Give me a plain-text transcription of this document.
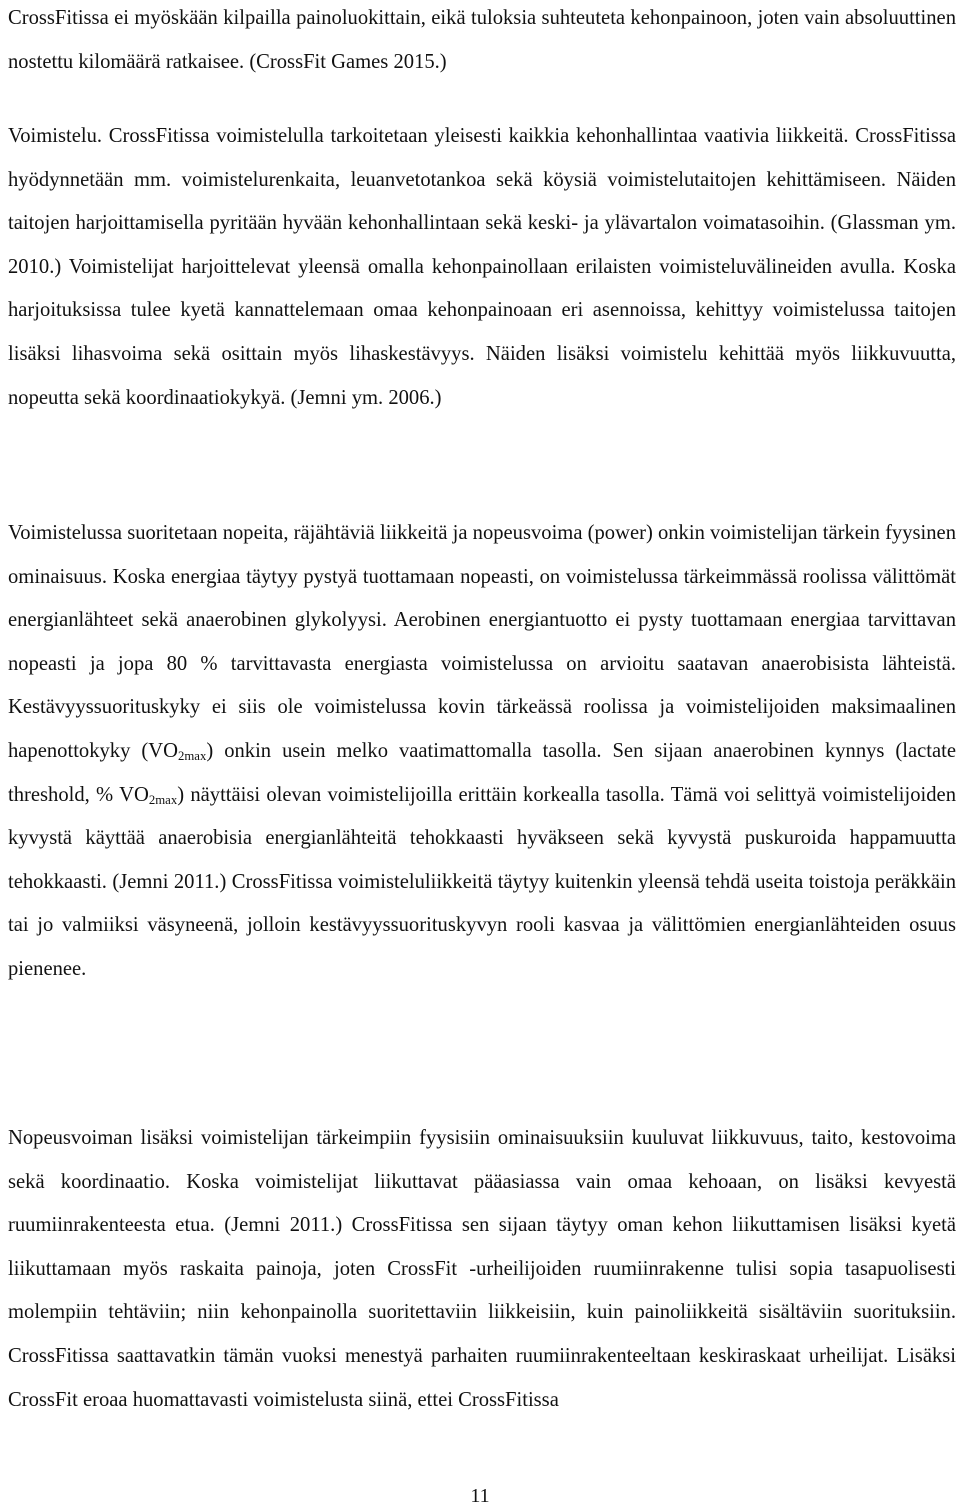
CrossFitissa ei myöskään kilpailla painoluokittain, eikä tuloksia suhteuteta kehonpainoon, joten vain absoluuttinen nostettu kilomäärä ratkaisee. (CrossFit Games 2015.)

Voimistelu. CrossFitissa voimistelulla tarkoitetaan yleisesti kaikkia kehonhallintaa vaativia liikkeitä. CrossFitissa hyödynnetään mm. voimistelurenkaita, leuanvetotankoa sekä köysiä voimistelutaitojen kehittämiseen. Näiden taitojen harjoittamisella pyritään hyvään kehonhallintaan sekä keski- ja ylävartalon voimatasoihin. (Glassman ym. 2010.) Voimistelijat harjoittelevat yleensä omalla kehonpainollaan erilaisten voimisteluvälineiden avulla. Koska harjoituksissa tulee kyetä kannattelemaan omaa kehonpainoaan eri asennoissa, kehittyy voimistelussa taitojen lisäksi lihasvoima sekä osittain myös lihaskestävyys. Näiden lisäksi voimistelu kehittää myös liikkuvuutta, nopeutta sekä koordinaatiokykyä. (Jemni ym. 2006.)

Voimistelussa suoritetaan nopeita, räjähtäviä liikkeitä ja nopeusvoima (power) onkin voimistelijan tärkein fyysinen ominaisuus. Koska energiaa täytyy pystyä tuottamaan nopeasti, on voimistelussa tärkeimmässä roolissa välittömät energianlähteet sekä anaerobinen glykolyysi. Aerobinen energiantuotto ei pysty tuottamaan energiaa tarvittavan nopeasti ja jopa 80 % tarvittavasta energiasta voimistelussa on arvioitu saatavan anaerobisista lähteistä. Kestävyyssuorituskyky ei siis ole voimistelussa kovin tärkeässä roolissa ja voimistelijoiden maksimaalinen hapenottokyky $(VO_{2max})$ onkin usein melko vaatimattomalla tasolla. Sen sijaan anaerobinen kynnys (lactate threshold, % $VO_{2max}$) näyttäisi olevan voimistelijoilla erittäin korkealla tasolla. Tämä voi selittyä voimistelijoiden kyvystä käyttää anaerobisia energianlähteitä tehokkaasti hyväkseen sekä kyvystä puskuroida happamuutta tehokkaasti. (Jemni 2011.) CrossFitissa voimisteluliikkeitä täytyy kuitenkin yleensä tehdä useita toistoja peräkkäin tai jo valmiiksi väsyneenä, jolloin kestävyyssuorituskyvyn rooli kasvaa ja välittömien energianlähteiden osuus pienenee.

Nopeusvoiman lisäksi voimistelijan tärkeimpiin fyysisiin ominaisuuksiin kuuluvat liikkuvuus, taito, kestovoima sekä koordinaatio. Koska voimistelijat liikuttavat pääasiassa vain omaa kehoaan, on lisäksi kevyestä ruumiinrakenteesta etua. (Jemni 2011.) CrossFitissa sen sijaan täytyy oman kehon liikuttamisen lisäksi kyetä liikuttamaan myös raskaita painoja, joten CrossFit -urheilijoiden ruumiinrakenne tulisi sopia tasapuolisesti molempiin tehtäviin; niin kehonpainolla suoritettaviin liikkeisiin, kuin painoliikkeitä sisältäviin suorituksiin. CrossFitissa saattavatkin tämän vuoksi menestyä parhaiten ruumiinrakenteeltaan keskiraskaat urheilijat. Lisäksi CrossFit eroaa huomattavasti voimistelusta siinä, ettei CrossFitissa

11
